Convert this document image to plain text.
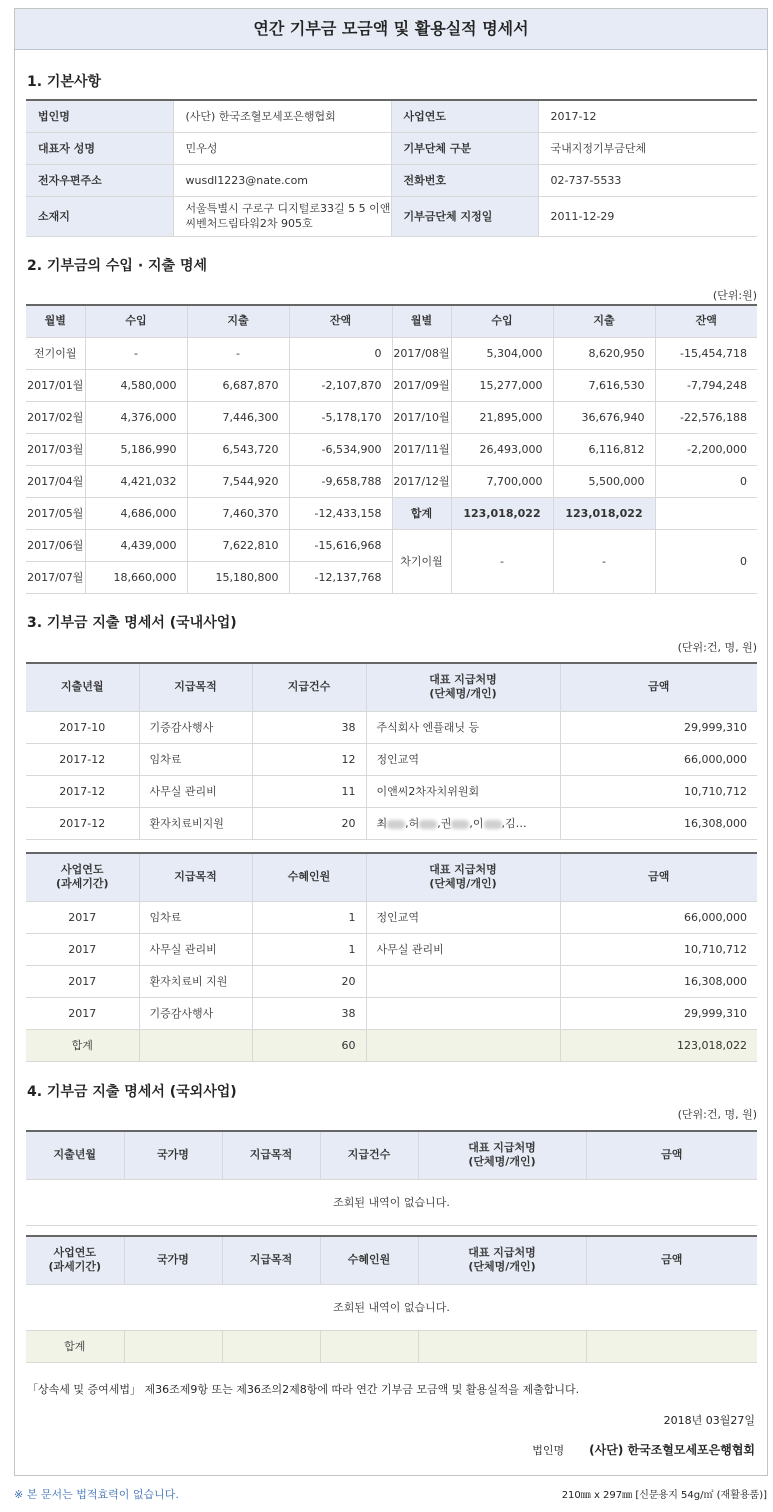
연간 기부금 모금액 및 활용실적 명세서
1. 기본사항
법인명	(사단) 한국조혈모세포은행협회	사업연도	2017-12
대표자 성명	민우성	기부단체 구분	국내지정기부금단체
전자우편주소	wusdl1223@nate.com	전화번호	02-737-5533
소재지	서울특별시 구로구 디지털로33길 5 5 이앤씨벤처드림타워2차 905호	기부금단체 지정일	2011-12-29
2. 기부금의 수입 · 지출 명세
(단위:원)
월별	수입	지출	잔액	월별	수입	지출	잔액
전기이월	-	-	0	2017/08월	5,304,000	8,620,950	-15,454,718
2017/01월	4,580,000	6,687,870	-2,107,870	2017/09월	15,277,000	7,616,530	-7,794,248
2017/02월	4,376,000	7,446,300	-5,178,170	2017/10월	21,895,000	36,676,940	-22,576,188
2017/03월	5,186,990	6,543,720	-6,534,900	2017/11월	26,493,000	6,116,812	-2,200,000
2017/04월	4,421,032	7,544,920	-9,658,788	2017/12월	7,700,000	5,500,000	0
2017/05월	4,686,000	7,460,370	-12,433,158	합계	123,018,022	123,018,022	
2017/06월	4,439,000	7,622,810	-15,616,968	차기이월	-	-	0
2017/07월	18,660,000	15,180,800	-12,137,768				
3. 기부금 지출 명세서 (국내사업)
(단위:건, 명, 원)
지출년월	지급목적	지급건수	대표 지급처명
(단체명/개인)	금액
2017-10	기증감사행사	38	주식회사 엔플래닛 등	29,999,310
2017-12	임차료	12	정인교역	66,000,000
2017-12	사무실 관리비	11	이앤씨2차자치위원회	10,710,712
2017-12	환자치료비지원	20	최 ,허 ,권 ,이 ,김…	16,308,000
사업연도
(과세기간)	지급목적	수혜인원	대표 지급처명
(단체명/개인)	금액
2017	임차료	1	정인교역	66,000,000
2017	사무실 관리비	1	사무실 관리비	10,710,712
2017	환자치료비 지원	20		16,308,000
2017	기증감사행사	38		29,999,310
합계		60		123,018,022
4. 기부금 지출 명세서 (국외사업)
(단위:건, 명, 원)
지출년월	국가명	지급목적	지급건수	대표 지급처명
(단체명/개인)	금액
조회된 내역이 없습니다.
사업연도
(과세기간)	국가명	지급목적	수혜인원	대표 지급처명
(단체명/개인)	금액
조회된 내역이 없습니다.					
합계					
「상속세 및 증여세법」 제36조제9항 또는 제36조의2제8항에 따라 연간 기부금 모금액 및 활용실적을 제출합니다.
2018년 03월27일
법인명 (사단) 한국조혈모세포은행협회
※ 본 문서는 법적효력이 없습니다.	210㎜ x 297㎜ [신문용지 54g/㎡ (재활용품)]
